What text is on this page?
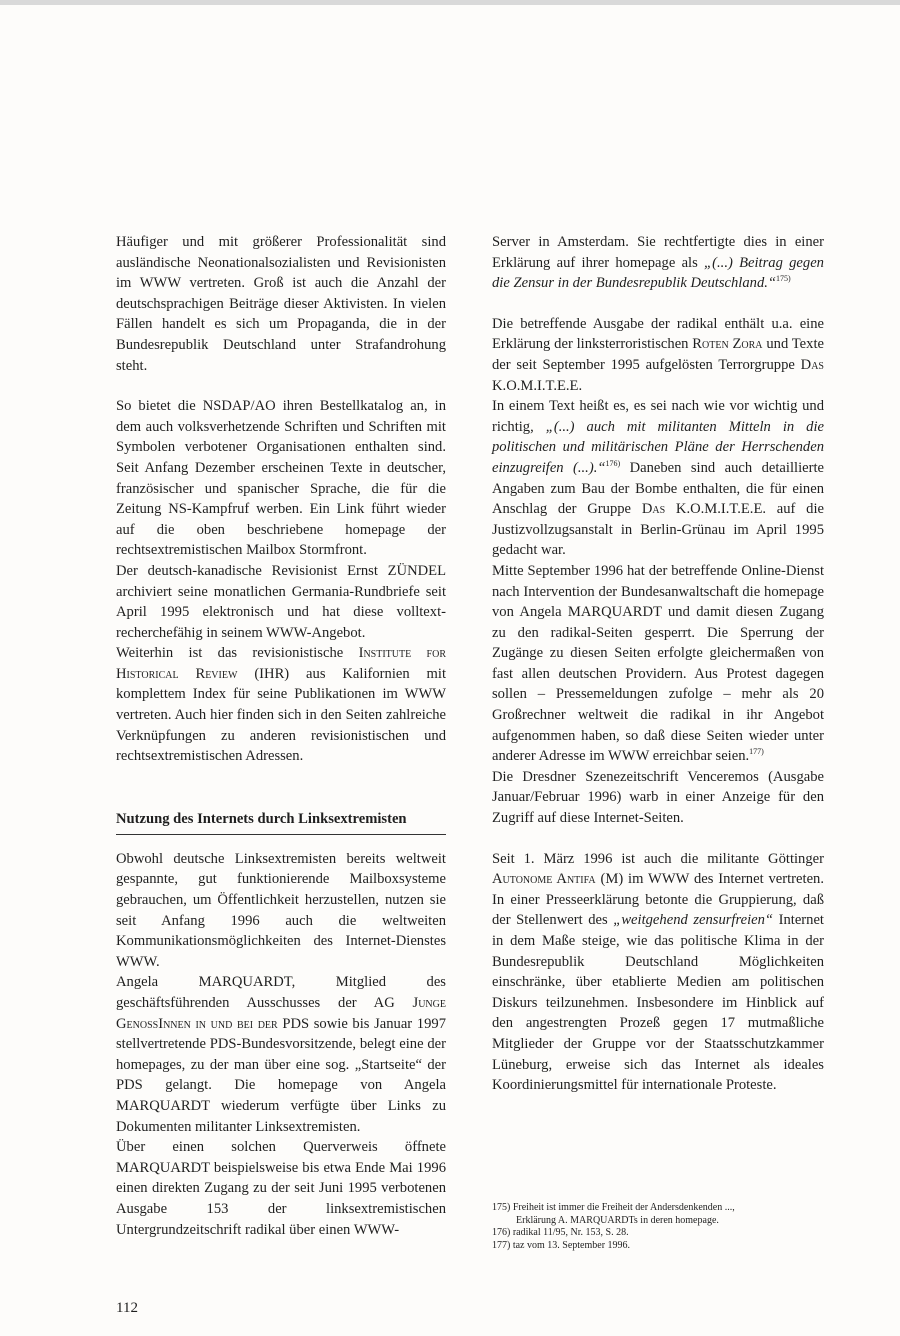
Häufiger und mit größerer Professionalität sind ausländische Neonationalsozialisten und Revisionisten im WWW vertreten. Groß ist auch die Anzahl der deutschsprachigen Beiträge dieser Aktivisten. In vielen Fällen handelt es sich um Propaganda, die in der Bundesrepublik Deutschland unter Strafandrohung steht.

So bietet die NSDAP/AO ihren Bestellkatalog an, in dem auch volksverhetzende Schriften und Schriften mit Symbolen verbotener Organisationen enthalten sind. Seit Anfang Dezember erscheinen Texte in deutscher, französischer und spanischer Sprache, die für die Zeitung NS-Kampfruf werben. Ein Link führt wieder auf die oben beschriebene homepage der rechtsextremistischen Mailbox Stormfront.

Der deutsch-kanadische Revisionist Ernst ZÜNDEL archiviert seine monatlichen Germania-Rundbriefe seit April 1995 elektronisch und hat diese volltext-recherchefähig in seinem WWW-Angebot.

Weiterhin ist das revisionistische Institute for Historical Review (IHR) aus Kalifornien mit komplettem Index für seine Publikationen im WWW vertreten. Auch hier finden sich in den Seiten zahlreiche Verknüpfungen zu anderen revisionistischen und rechtsextremistischen Adressen.

Nutzung des Internets durch Linksextremisten

Obwohl deutsche Linksextremisten bereits weltweit gespannte, gut funktionierende Mailboxsysteme gebrauchen, um Öffentlichkeit herzustellen, nutzen sie seit Anfang 1996 auch die weltweiten Kommunikationsmöglichkeiten des Internet-Dienstes WWW.

Angela MARQUARDT, Mitglied des geschäftsführenden Ausschusses der AG Junge GenossInnen in und bei der PDS sowie bis Januar 1997 stellvertretende PDS-Bundesvorsitzende, belegt eine der homepages, zu der man über eine sog. „Startseite“ der PDS gelangt. Die homepage von Angela MARQUARDT wiederum verfügte über Links zu Dokumenten militanter Linksextremisten.

Über einen solchen Querverweis öffnete MARQUARDT beispielsweise bis etwa Ende Mai 1996 einen direkten Zugang zu der seit Juni 1995 verbotenen Ausgabe 153 der linksextremistischen Untergrundzeitschrift radikal über einen WWW-

Server in Amsterdam. Sie rechtfertigte dies in einer Erklärung auf ihrer homepage als „(...) Beitrag gegen die Zensur in der Bundesrepublik Deutschland.“$^{175)}$

Die betreffende Ausgabe der radikal enthält u.a. eine Erklärung der linksterroristischen Roten Zora und Texte der seit September 1995 aufgelösten Terrorgruppe Das K.O.M.I.T.E.E.

In einem Text heißt es, es sei nach wie vor wichtig und richtig, „(...) auch mit militanten Mitteln in die politischen und militärischen Pläne der Herrschenden einzugreifen (...).“$^{176)}$ Daneben sind auch detaillierte Angaben zum Bau der Bombe enthalten, die für einen Anschlag der Gruppe Das K.O.M.I.T.E.E. auf die Justizvollzugsanstalt in Berlin-Grünau im April 1995 gedacht war.

Mitte September 1996 hat der betreffende Online-Dienst nach Intervention der Bundesanwaltschaft die homepage von Angela MARQUARDT und damit diesen Zugang zu den radikal-Seiten gesperrt. Die Sperrung der Zugänge zu diesen Seiten erfolgte gleichermaßen von fast allen deutschen Providern. Aus Protest dagegen sollen – Pressemeldungen zufolge – mehr als 20 Großrechner weltweit die radikal in ihr Angebot aufgenommen haben, so daß diese Seiten wieder unter anderer Adresse im WWW erreichbar seien.$^{177)}$

Die Dresdner Szenezeitschrift Venceremos (Ausgabe Januar/Februar 1996) warb in einer Anzeige für den Zugriff auf diese Internet-Seiten.

Seit 1. März 1996 ist auch die militante Göttinger Autonome Antifa (M) im WWW des Internet vertreten. In einer Presseerklärung betonte die Gruppierung, daß der Stellenwert des „weitgehend zensurfreien“ Internet in dem Maße steige, wie das politische Klima in der Bundesrepublik Deutschland Möglichkeiten einschränke, über etablierte Medien am politischen Diskurs teilzunehmen. Insbesondere im Hinblick auf den angestrengten Prozeß gegen 17 mutmaßliche Mitglieder der Gruppe vor der Staatsschutzkammer Lüneburg, erweise sich das Internet als ideales Koordinierungsmittel für internationale Proteste.

175) Freiheit ist immer die Freiheit der Andersdenkenden ...,
Erklärung A. MARQUARDTs in deren homepage.
176) radikal 11/95, Nr. 153, S. 28.
177) taz vom 13. September 1996.
112
